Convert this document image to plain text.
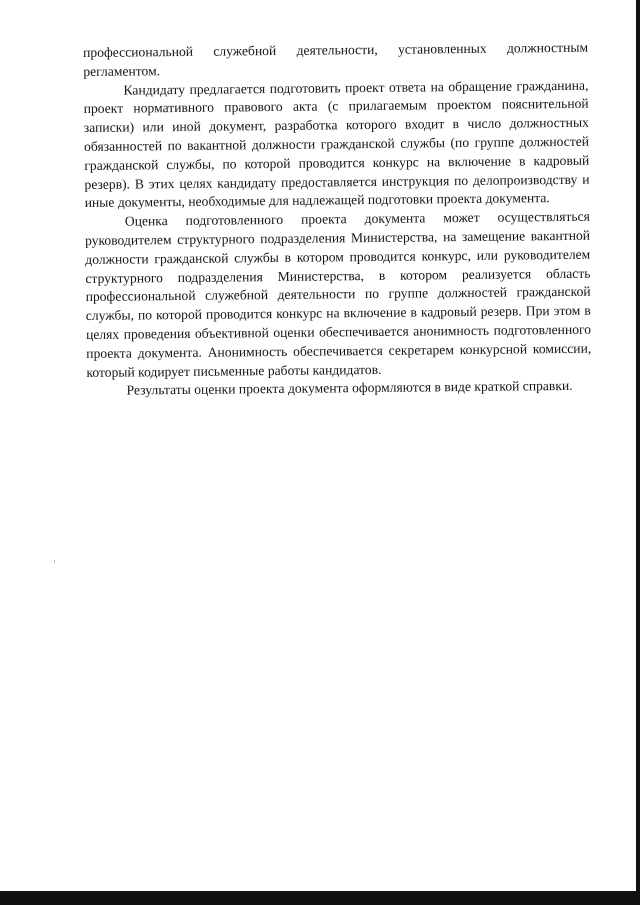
профессиональной служебной деятельности, установленных должностным регламентом.

Кандидату предлагается подготовить проект ответа на обращение гражданина, проект нормативного правового акта (с прилагаемым проектом пояснительной записки) или иной документ, разработка которого входит в число должностных обязанностей по вакантной должности гражданской службы (по группе должностей гражданской службы, по которой проводится конкурс на включение в кадровый резерв). В этих целях кандидату предоставляется инструкция по делопроизводству и иные документы, необходимые для надлежащей подготовки проекта документа.

Оценка подготовленного проекта документа может осуществляться руководителем структурного подразделения Министерства, на замещение вакантной должности гражданской службы в котором проводится конкурс, или руководителем структурного подразделения Министерства, в котором реализуется область профессиональной служебной деятельности по группе должностей гражданской службы, по которой проводится конкурс на включение в кадровый резерв. При этом в целях проведения объективной оценки обеспечивается анонимность подготовленного проекта документа. Анонимность обеспечивается секретарем конкурсной комиссии, который кодирует письменные работы кандидатов.

Результаты оценки проекта документа оформляются в виде краткой справки.
